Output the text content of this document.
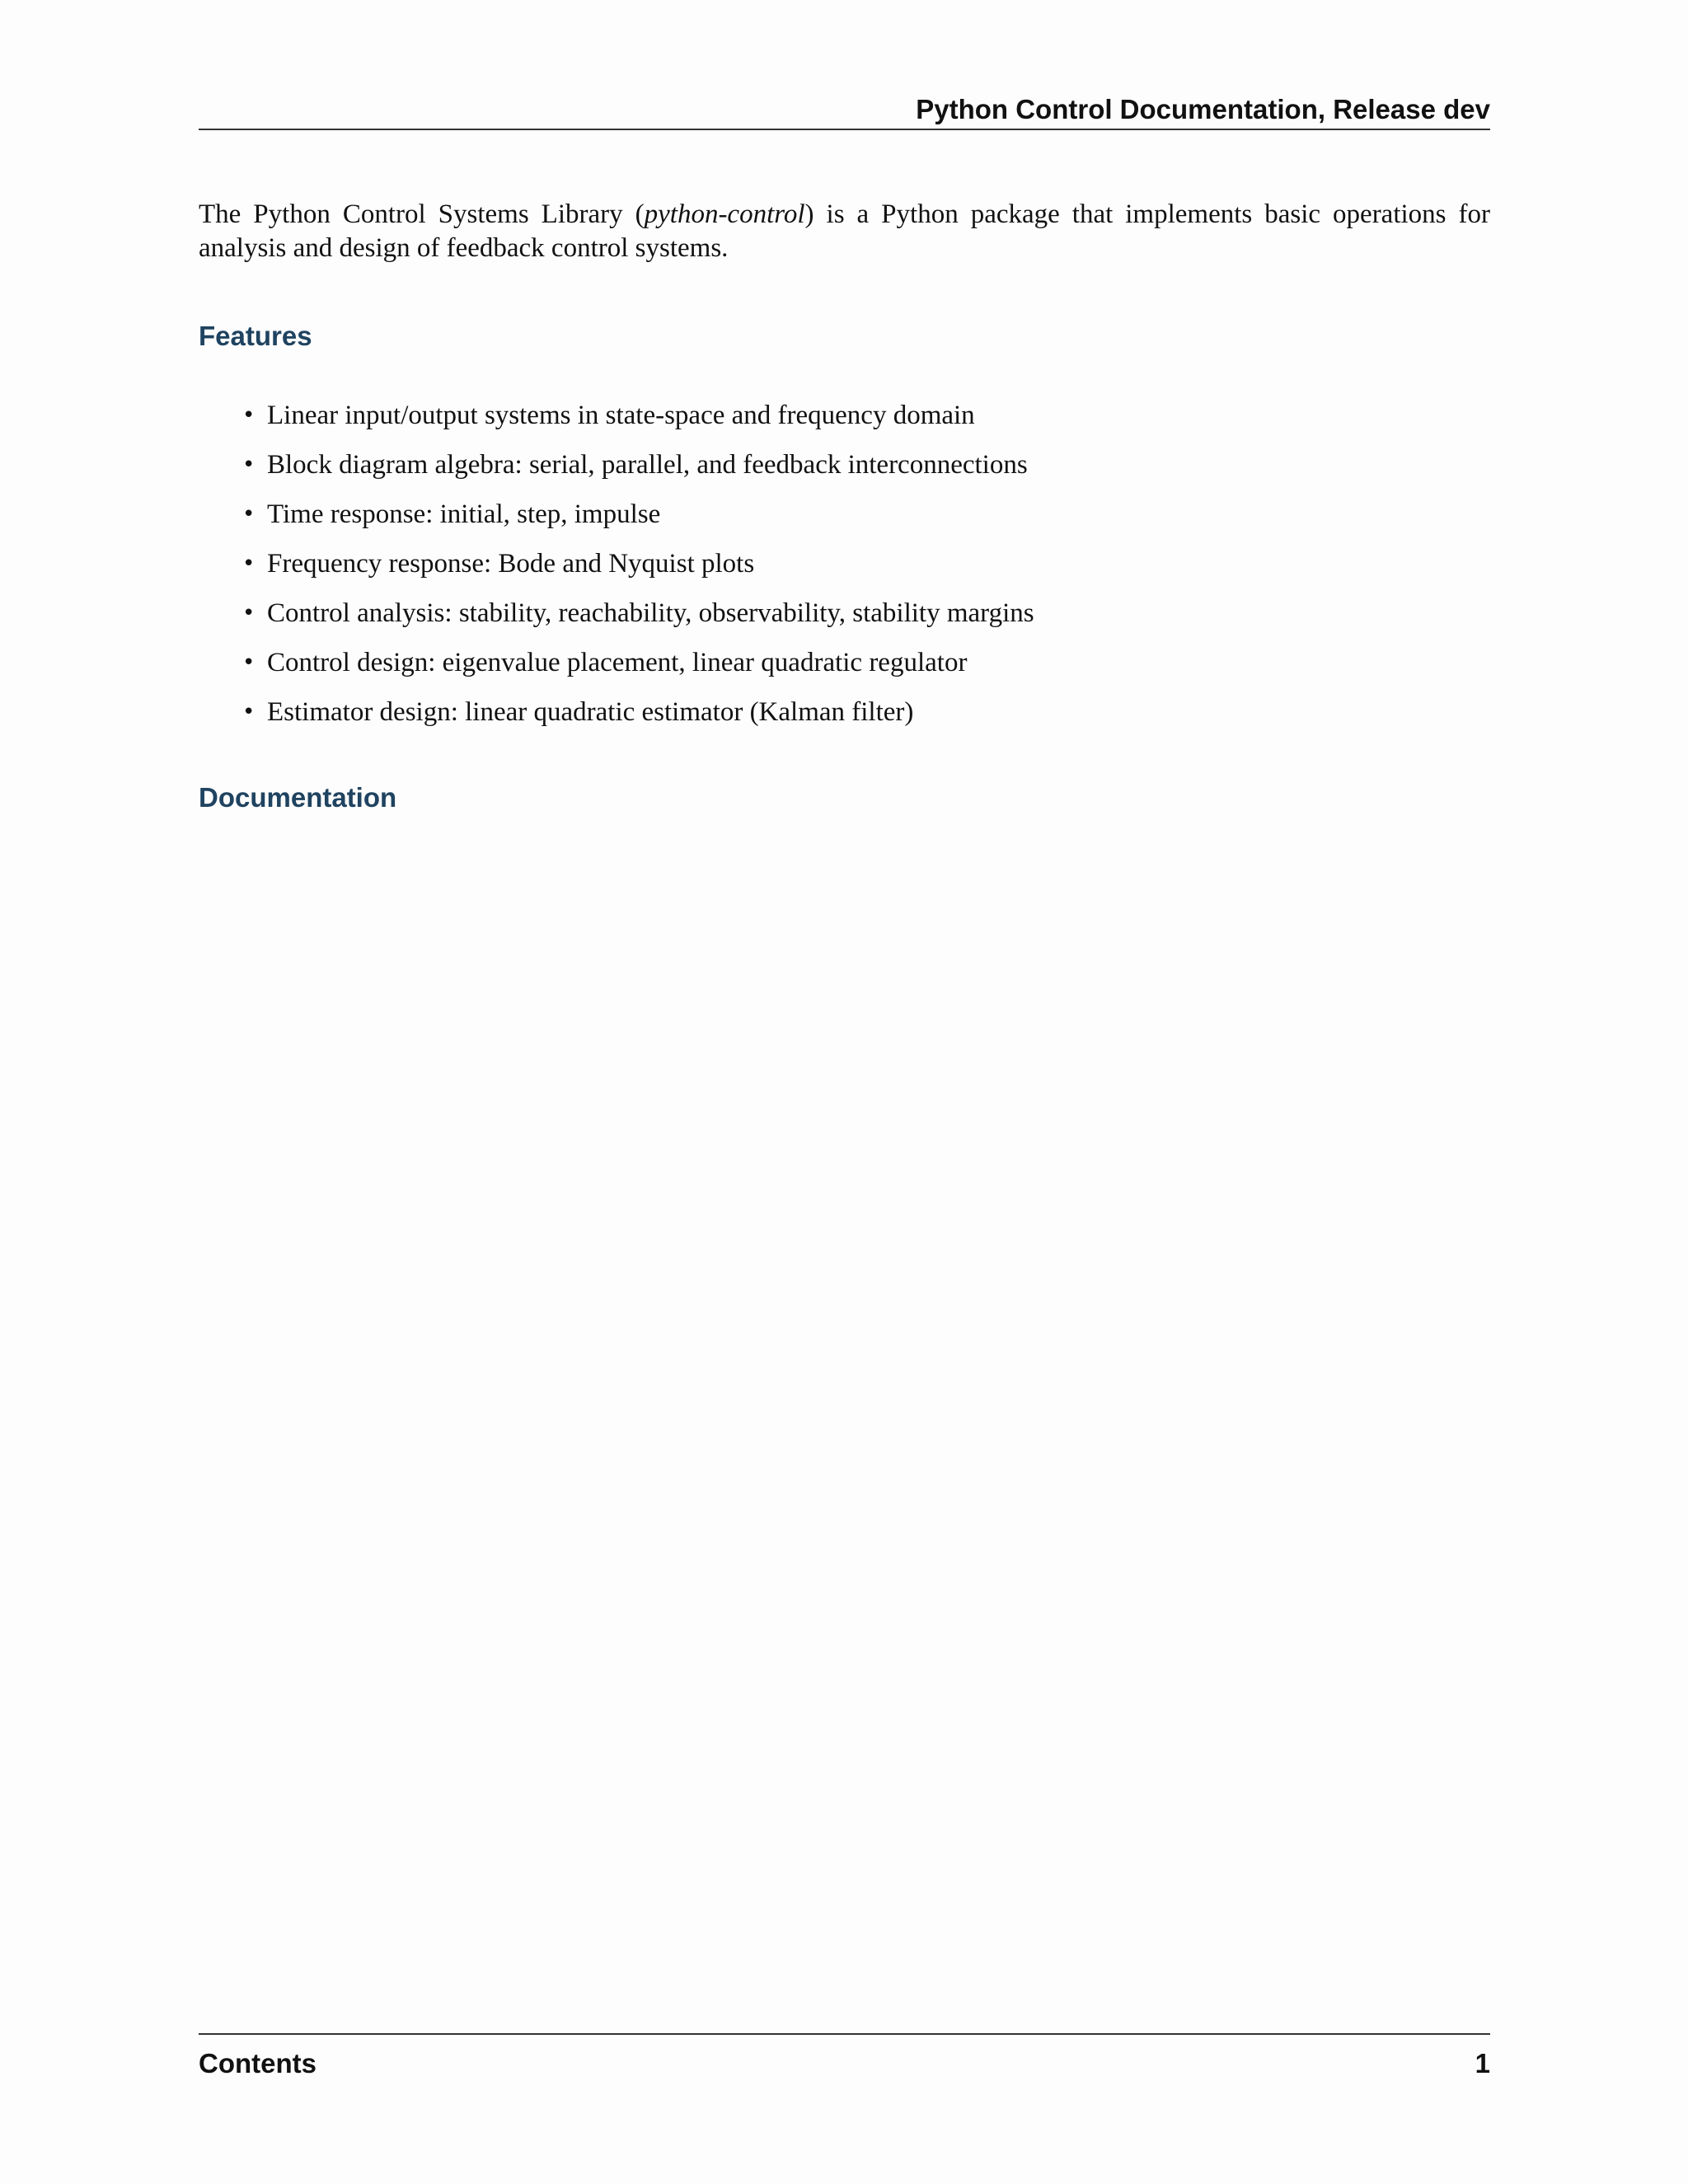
Python Control Documentation, Release dev

The Python Control Systems Library (python-control) is a Python package that implements basic operations for analysis and design of feedback control systems.

Features
• Linear input/output systems in state-space and frequency domain
• Block diagram algebra: serial, parallel, and feedback interconnections
• Time response: initial, step, impulse
• Frequency response: Bode and Nyquist plots
• Control analysis: stability, reachability, observability, stability margins
• Control design: eigenvalue placement, linear quadratic regulator
• Estimator design: linear quadratic estimator (Kalman filter)
Documentation
Contents	1
